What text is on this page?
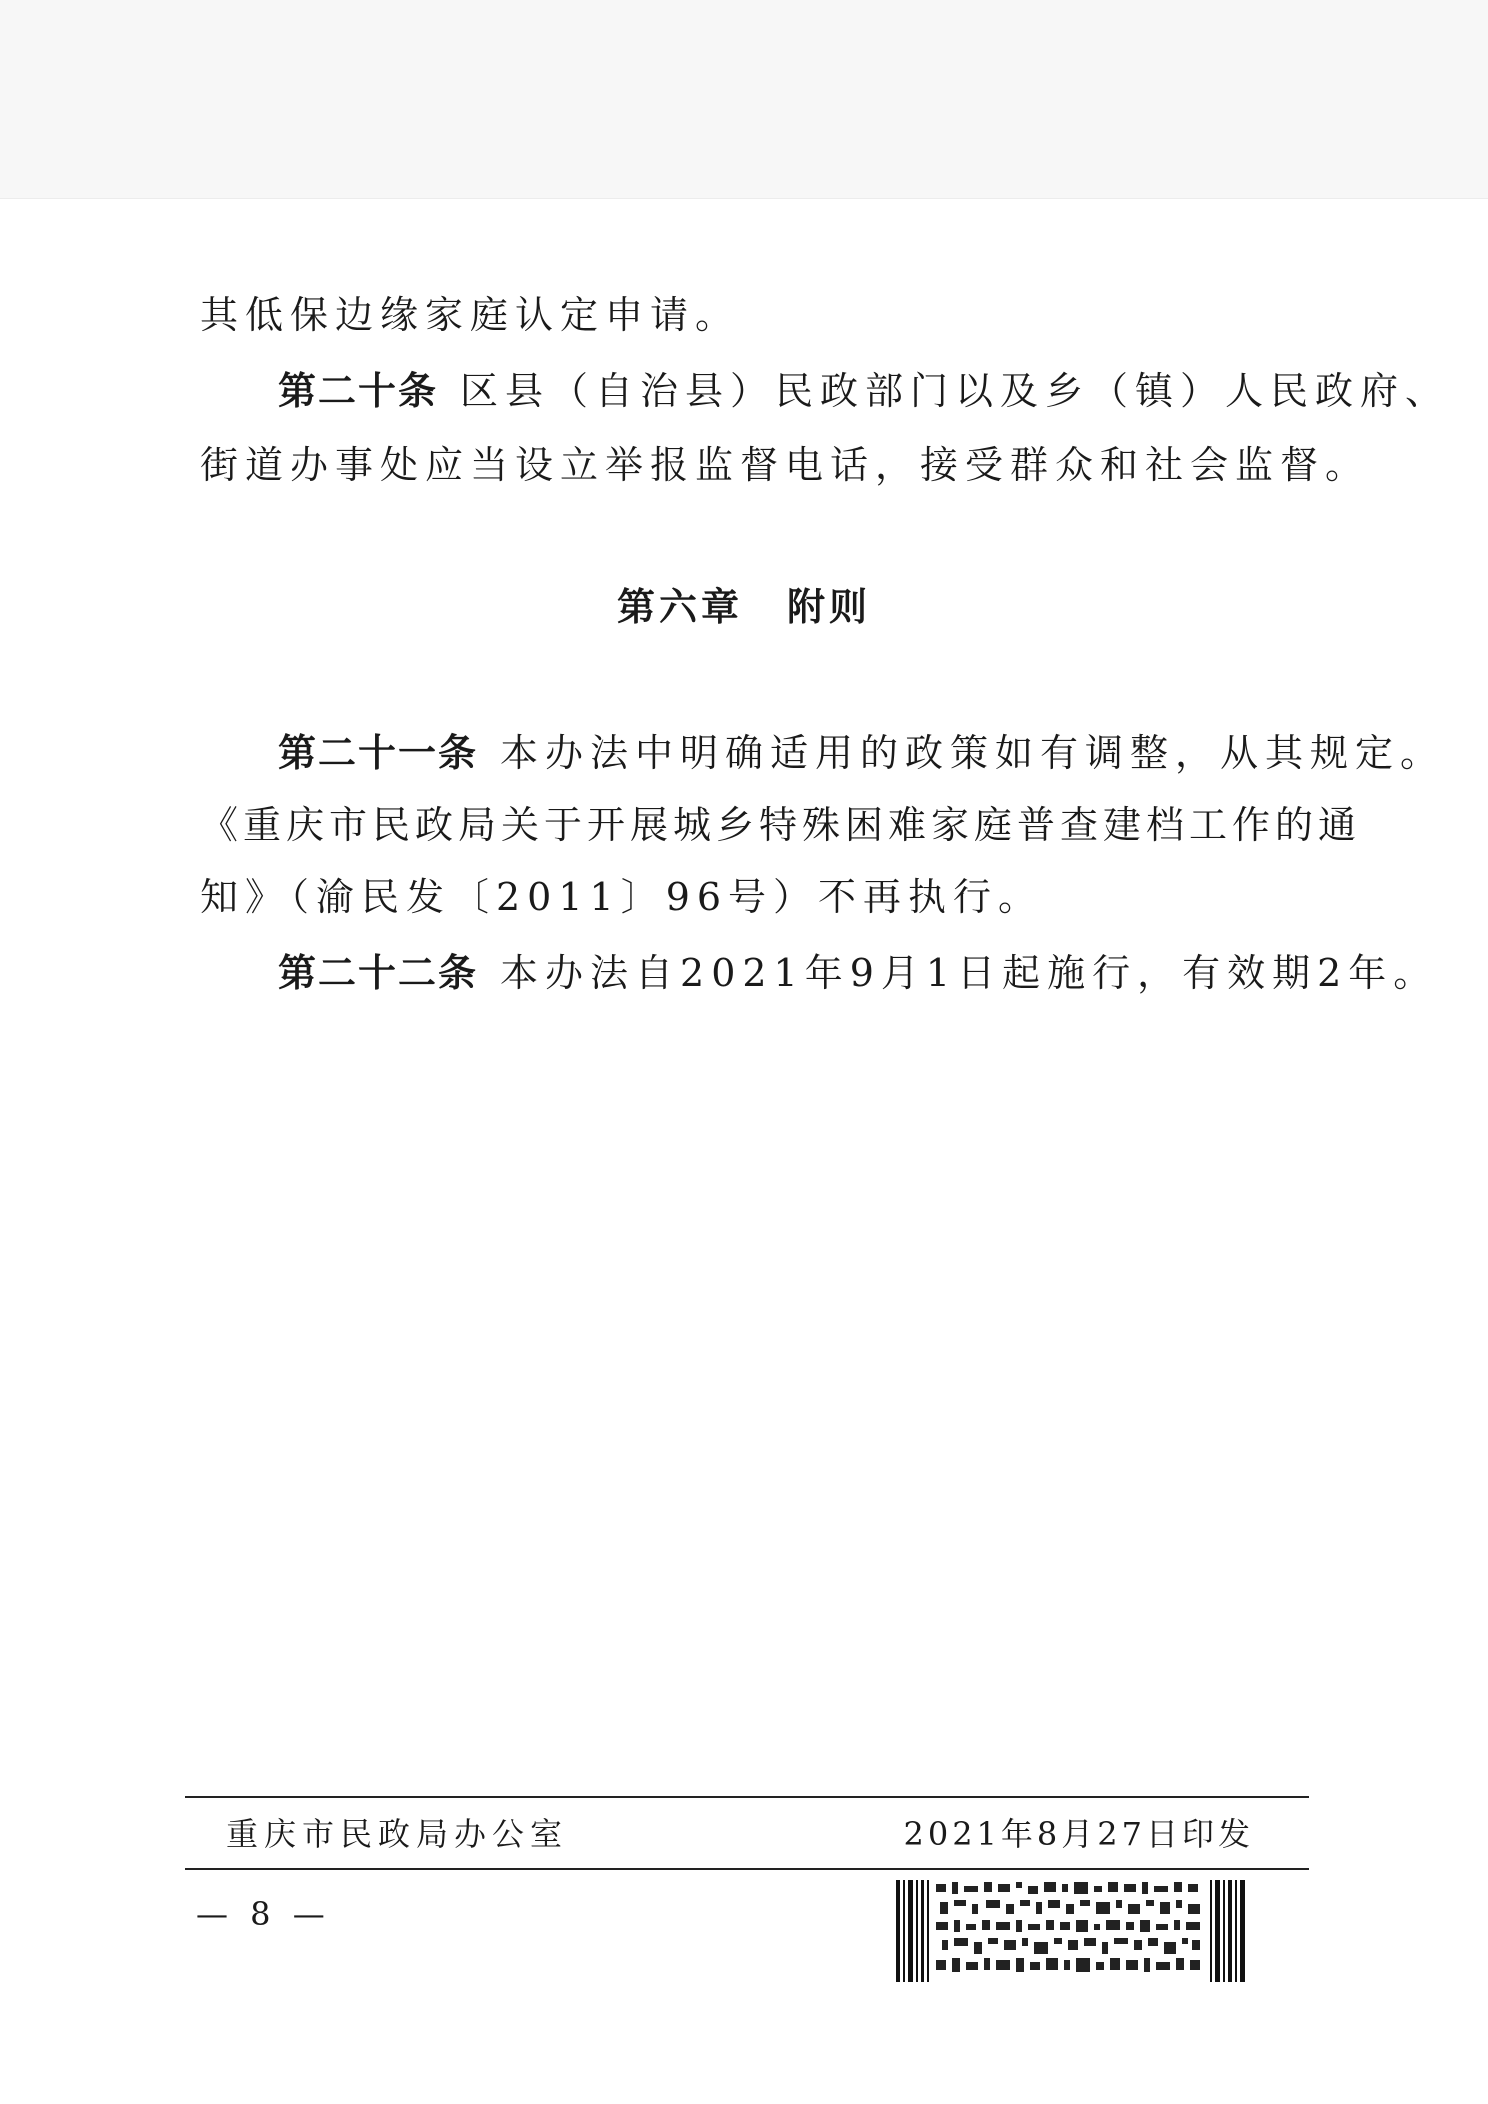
其低保边缘家庭认定申请。

第二十条 区县（自治县）民政部门以及乡（镇）人民政府、

街道办事处应当设立举报监督电话，接受群众和社会监督。

第六章 附则

第二十一条 本办法中明确适用的政策如有调整，从其规定。

《重庆市民政局关于开展城乡特殊困难家庭普查建档工作的通

知》（渝民发〔2011〕96号）不再执行。

第二十二条 本办法自2021年9月1日起施行，有效期2年。

重庆市民政局办公室	2021年8月27日印发

— 8 —
